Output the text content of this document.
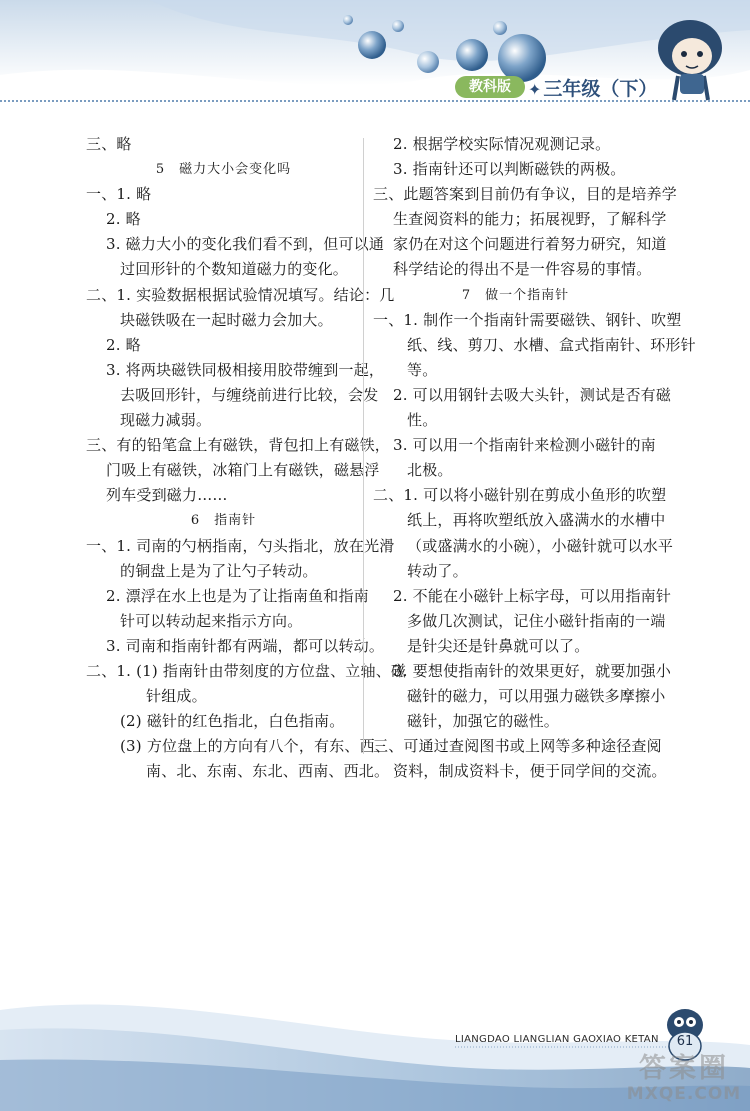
教科版	✦ 三年级（下）
三、略
5　磁力大小会变化吗
一、1. 略
2. 略
3. 磁力大小的变化我们看不到，但可以通
过回形针的个数知道磁力的变化。
二、1. 实验数据根据试验情况填写。结论：几
块磁铁吸在一起时磁力会加大。
2. 略
3. 将两块磁铁同极相接用胶带缠到一起，
去吸回形针，与缠绕前进行比较，会发
现磁力减弱。
三、有的铅笔盒上有磁铁，背包扣上有磁铁，
门吸上有磁铁，冰箱门上有磁铁，磁悬浮
列车受到磁力……
6　指南针
一、1. 司南的勺柄指南，勺头指北，放在光滑
的铜盘上是为了让勺子转动。
2. 漂浮在水上也是为了让指南鱼和指南
针可以转动起来指示方向。
3. 司南和指南针都有两端，都可以转动。
二、1. (1) 指南针由带刻度的方位盘、立轴、磁
针组成。
(2) 磁针的红色指北，白色指南。
(3) 方位盘上的方向有八个，有东、西、
南、北、东南、东北、西南、西北。
2. 根据学校实际情况观测记录。
3. 指南针还可以判断磁铁的两极。
三、此题答案到目前仍有争议，目的是培养学
生查阅资料的能力；拓展视野，了解科学
家仍在对这个问题进行着努力研究，知道
科学结论的得出不是一件容易的事情。
7　做一个指南针
一、1. 制作一个指南针需要磁铁、钢针、吹塑
纸、线、剪刀、水槽、盒式指南针、环形针
等。
2. 可以用钢针去吸大头针，测试是否有磁
性。
3. 可以用一个指南针来检测小磁针的南
北极。
二、1. 可以将小磁针别在剪成小鱼形的吹塑
纸上，再将吹塑纸放入盛满水的水槽中
（或盛满水的小碗），小磁针就可以水平
转动了。
2. 不能在小磁针上标字母，可以用指南针
多做几次测试，记住小磁针指南的一端
是针尖还是针鼻就可以了。
3. 要想使指南针的效果更好，就要加强小
磁针的磁力，可以用强力磁铁多摩擦小
磁针，加强它的磁性。
三、可通过查阅图书或上网等多种途径查阅
资料，制成资料卡，便于同学间的交流。
LIANGDAO LIANGLIAN GAOXIAO KETAN	61
答案圈
MXQE.COM
